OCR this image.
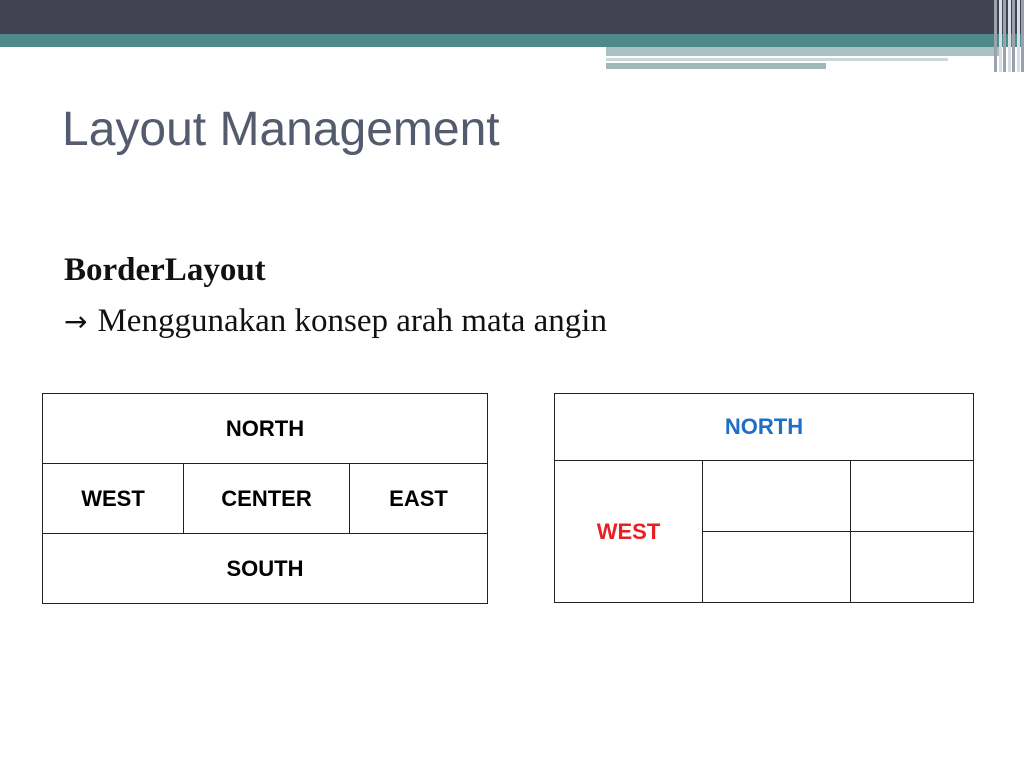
Layout Management
BorderLayout
→ Menggunakan konsep arah mata angin
NORTH
WEST	CENTER	EAST
SOUTH
NORTH		
WEST		
